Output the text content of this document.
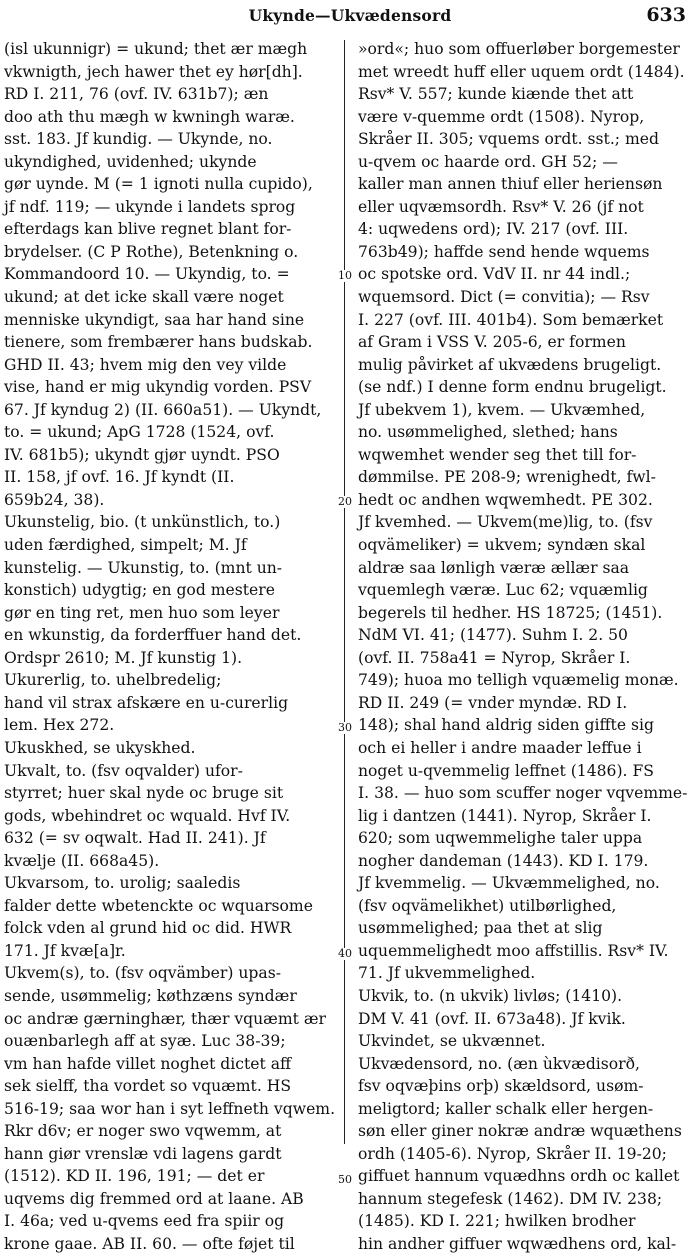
Ukynde—Ukvædensord	633
(isl ukunnigr) = ukund; thet ær mægh
vkwnigth, jech hawer thet ey hør[dh].
RD I. 211, 76 (ovf. IV. 631b7); æn
doo ath thu mægh w kwningh waræ.
sst. 183. Jf kundig. — Ukynde, no.
ukyndighed, uvidenhed; ukynde
gør uynde. M (= 1 ignoti nulla cupido),
jf ndf. 119; — ukynde i landets sprog
efterdags kan blive regnet blant for-
brydelser. (C P Rothe), Betenkning o.
Kommandoord 10. — Ukyndig, to. =
ukund; at det icke skall være noget
menniske ukyndigt, saa har hand sine
tienere, som frembærer hans budskab.
GHD II. 43; hvem mig den vey vilde
vise, hand er mig ukyndig vorden. PSV
67. Jf kyndug 2) (II. 660a51). — Ukyndt,
to. = ukund; ApG 1728 (1524, ovf.
IV. 681b5); ukyndt gjør uyndt. PSO
II. 158, jf ovf. 16. Jf kyndt (II.
659b24, 38).
Ukunstelig, bio. (t unkünstlich, to.)
uden færdighed, simpelt; M. Jf
kunstelig. — Ukunstig, to. (mnt un-
konstich) udygtig; en god mestere
gør en ting ret, men huo som leyer
en wkunstig, da forderffuer hand det.
Ordspr 2610; M. Jf kunstig 1).
Ukurerlig, to. uhelbredelig;
hand vil strax afskære en u-curerlig
lem. Hex 272.
Ukuskhed, se ukyskhed.
Ukvalt, to. (fsv oqvalder) ufor-
styrret; huer skal nyde oc bruge sit
gods, wbehindret oc wquald. Hvf IV.
632 (= sv oqwalt. Had II. 241). Jf
kvælje (II. 668a45).
Ukvarsom, to. urolig; saaledis
falder dette wbetenckte oc wquarsome
folck vden al grund hid oc did. HWR
171. Jf kvæ[a]r.
Ukvem(s), to. (fsv oqvämber) upas-
sende, usømmelig; køthzæns syndær
oc andræ gærninghær, thær vquæmt ær
ouænbarlegh aff at syæ. Luc 38-39;
vm han hafde villet noghet dictet aff
sek sielff, tha vordet so vquæmt. HS
516-19; saa wor han i syt leffneth vqwem.
Rkr d6v; er noger swo vqwemm, at
hann giør vrenslæ vdi lagens gardt
(1512). KD II. 196, 191; — det er
uqvems dig fremmed ord at laane. AB
I. 46a; ved u-qvems eed fra spiir og
krone gaae. AB II. 60. — ofte føjet til
»ord«; huo som offuerløber borgemester
met wreedt huff eller uquem ordt (1484).
Rsv* V. 557; kunde kiænde thet att
være v-quemme ordt (1508). Nyrop,
Skråer II. 305; vquems ordt. sst.; med
u-qvem oc haarde ord. GH 52; —
kaller man annen thiuf eller heriensøn
eller uqvæmsordh. Rsv* V. 26 (jf not
4: uqwedens ord); IV. 217 (ovf. III.
763b49); haffde send hende wquems
oc spotske ord. VdV II. nr 44 indl.;
wquemsord. Dict (= convitia); — Rsv
I. 227 (ovf. III. 401b4). Som bemærket
af Gram i VSS V. 205-6, er formen
mulig påvirket af ukvædens brugeligt.
(se ndf.) I denne form endnu brugeligt.
Jf ubekvem 1), kvem. — Ukvæmhed,
no. usømmelighed, slethed; hans
wqwemhet wender seg thet till for-
dømmilse. PE 208-9; wrenighedt, fwl-
hedt oc andhen wqwemhedt. PE 302.
Jf kvemhed. — Ukvem(me)lig, to. (fsv
oqvämeliker) = ukvem; syndæn skal
aldræ saa lønligh væræ ællær saa
vquemlegh væræ. Luc 62; vquæmlig
begerels til hedher. HS 18725; (1451).
NdM VI. 41; (1477). Suhm I. 2. 50
(ovf. II. 758a41 = Nyrop, Skråer I.
749); huoa mo telligh vquæmelig monæ.
RD II. 249 (= vnder myndæ. RD I.
148); shal hand aldrig siden giffte sig
och ei heller i andre maader leffue i
noget u-qvemmelig leffnet (1486). FS
I. 38. — huo som scuffer noger vqvemme-
lig i dantzen (1441). Nyrop, Skråer I.
620; som uqwemmelighe taler uppa
nogher dandeman (1443). KD I. 179.
Jf kvemmelig. — Ukvæmmelighed, no.
(fsv oqvämelikhet) utilbørlighed,
usømmelighed; paa thet at slig
uquemmelighedt moo affstillis. Rsv* IV.
71. Jf ukvemmelighed.
Ukvik, to. (n ukvik) livløs; (1410).
DM V. 41 (ovf. II. 673a48). Jf kvik.
Ukvindet, se ukvænnet.
Ukvædensord, no. (æn ùkvædisorð,
fsv oqvæþins orþ) skældsord, usøm-
meligtord; kaller schalk eller hergen-
søn eller giner nokræ andræ wquæthens
ordh (1405-6). Nyrop, Skråer II. 19-20;
giffuet hannum vquædhns ordh oc kallet
hannum stegefesk (1462). DM IV. 238;
(1485). KD I. 221; hwilken brodher
hin andher giffuer wqwædhens ord, kal-
10
20
30
40
50
